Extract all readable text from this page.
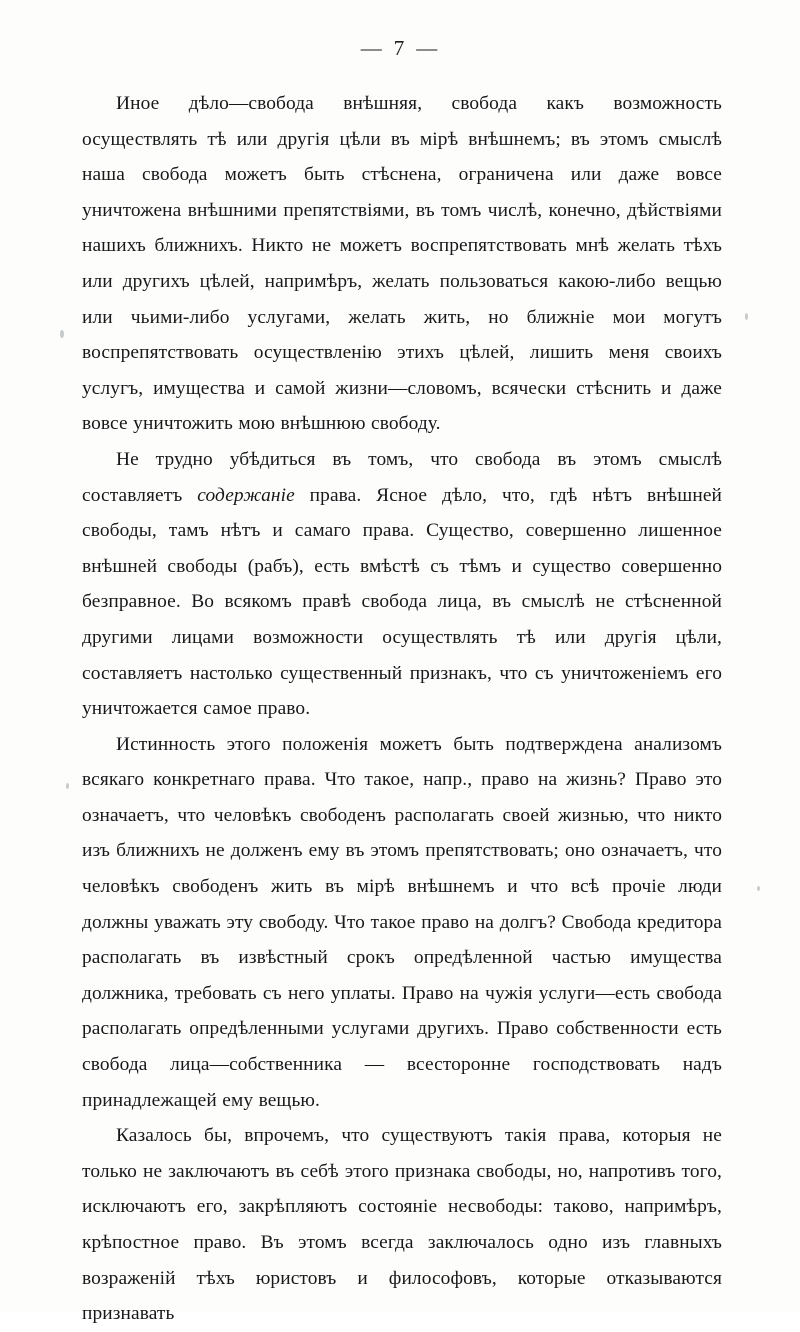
— 7 —

Иное дѣло—свобода внѣшняя, свобода какъ возможность осуществлять тѣ или другія цѣли въ мірѣ внѣшнемъ; въ этомъ смыслѣ наша свобода можетъ быть стѣснена, ограничена или даже вовсе уничтожена внѣшними препятствіями, въ томъ числѣ, конечно, дѣйствіями нашихъ ближнихъ. Никто не можетъ воспрепятствовать мнѣ желать тѣхъ или другихъ цѣлей, напримѣръ, желать пользоваться какою-либо вещью или чьими-либо услугами, желать жить, но ближніе мои могутъ воспрепятствовать осуществленію этихъ цѣлей, лишить меня своихъ услугъ, имущества и самой жизни—словомъ, всячески стѣснить и даже вовсе уничтожить мою внѣшнюю свободу.

Не трудно убѣдиться въ томъ, что свобода въ этомъ смыслѣ составляетъ содержаніе права. Ясное дѣло, что, гдѣ нѣтъ внѣшней свободы, тамъ нѣтъ и самаго права. Существо, совершенно лишенное внѣшней свободы (рабъ), есть вмѣстѣ съ тѣмъ и существо совершенно безправное. Во всякомъ правѣ свобода лица, въ смыслѣ не стѣсненной другими лицами возможности осуществлять тѣ или другія цѣли, составляетъ настолько существенный признакъ, что съ уничтоженіемъ его уничтожается самое право.

Истинность этого положенія можетъ быть подтверждена анализомъ всякаго конкретнаго права. Что такое, напр., право на жизнь? Право это означаетъ, что человѣкъ свободенъ располагать своей жизнью, что никто изъ ближнихъ не долженъ ему въ этомъ препятствовать; оно означаетъ, что человѣкъ свободенъ жить въ мірѣ внѣшнемъ и что всѣ прочіе люди должны уважать эту свободу. Что такое право на долгъ? Свобода кредитора располагать въ извѣстный срокъ опредѣленной частью имущества должника, требовать съ него уплаты. Право на чужія услуги—есть свобода располагать опредѣленными услугами другихъ. Право собственности есть свобода лица—собственника — всесторонне господствовать надъ принадлежащей ему вещью.

Казалось бы, впрочемъ, что существуютъ такія права, которыя не только не заключаютъ въ себѣ этого признака свободы, но, напротивъ того, исключаютъ его, закрѣпляютъ состояніе несвободы: таково, напримѣръ, крѣпостное право. Въ этомъ всегда заключалось одно изъ главныхъ возраженій тѣхъ юристовъ и философовъ, которые отказываются признавать
